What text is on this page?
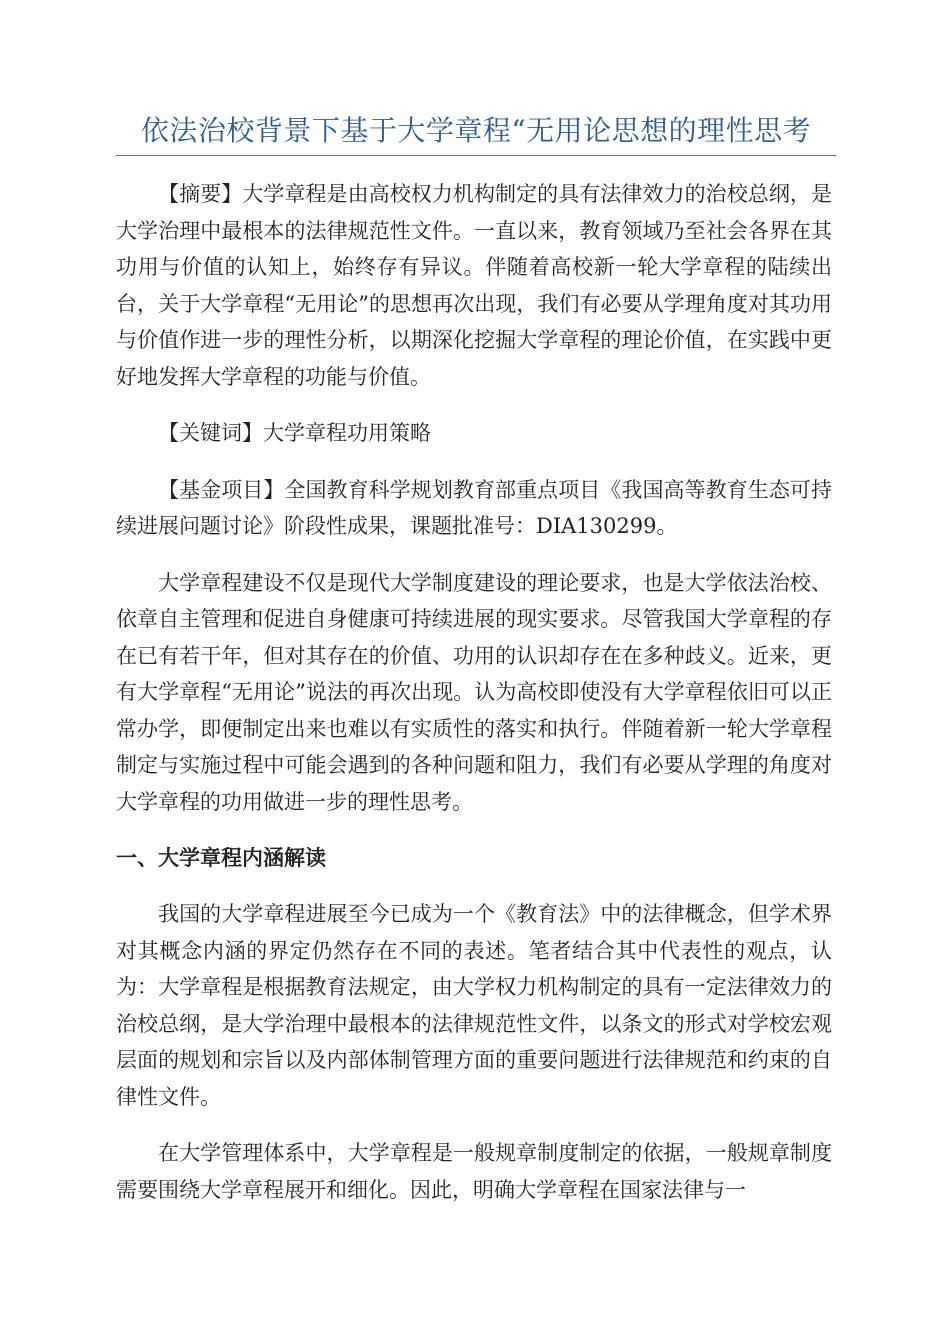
依法治校背景下基于大学章程“无用论思想的理性思考

【摘要】大学章程是由高校权力机构制定的具有法律效力的治校总纲，是大学治理中最根本的法律规范性文件。一直以来，教育领域乃至社会各界在其功用与价值的认知上，始终存有异议。伴随着高校新一轮大学章程的陆续出台，关于大学章程“无用论”的思想再次出现，我们有必要从学理角度对其功用与价值作进一步的理性分析，以期深化挖掘大学章程的理论价值，在实践中更好地发挥大学章程的功能与价值。

【关键词】大学章程功用策略

【基金项目】全国教育科学规划教育部重点项目《我国高等教育生态可持续进展问题讨论》阶段性成果，课题批准号：DIA130299。

大学章程建设不仅是现代大学制度建设的理论要求，也是大学依法治校、依章自主管理和促进自身健康可持续进展的现实要求。尽管我国大学章程的存在已有若干年，但对其存在的价值、功用的认识却存在在多种歧义。近来，更有大学章程“无用论”说法的再次出现。认为高校即使没有大学章程依旧可以正常办学，即便制定出来也难以有实质性的落实和执行。伴随着新一轮大学章程制定与实施过程中可能会遇到的各种问题和阻力，我们有必要从学理的角度对大学章程的功用做进一步的理性思考。

一、大学章程内涵解读

我国的大学章程进展至今已成为一个《教育法》中的法律概念，但学术界对其概念内涵的界定仍然存在不同的表述。笔者结合其中代表性的观点，认为：大学章程是根据教育法规定，由大学权力机构制定的具有一定法律效力的治校总纲，是大学治理中最根本的法律规范性文件，以条文的形式对学校宏观层面的规划和宗旨以及内部体制管理方面的重要问题进行法律规范和约束的自律性文件。

在大学管理体系中，大学章程是一般规章制度制定的依据，一般规章制度需要围绕大学章程展开和细化。因此，明确大学章程在国家法律与一
